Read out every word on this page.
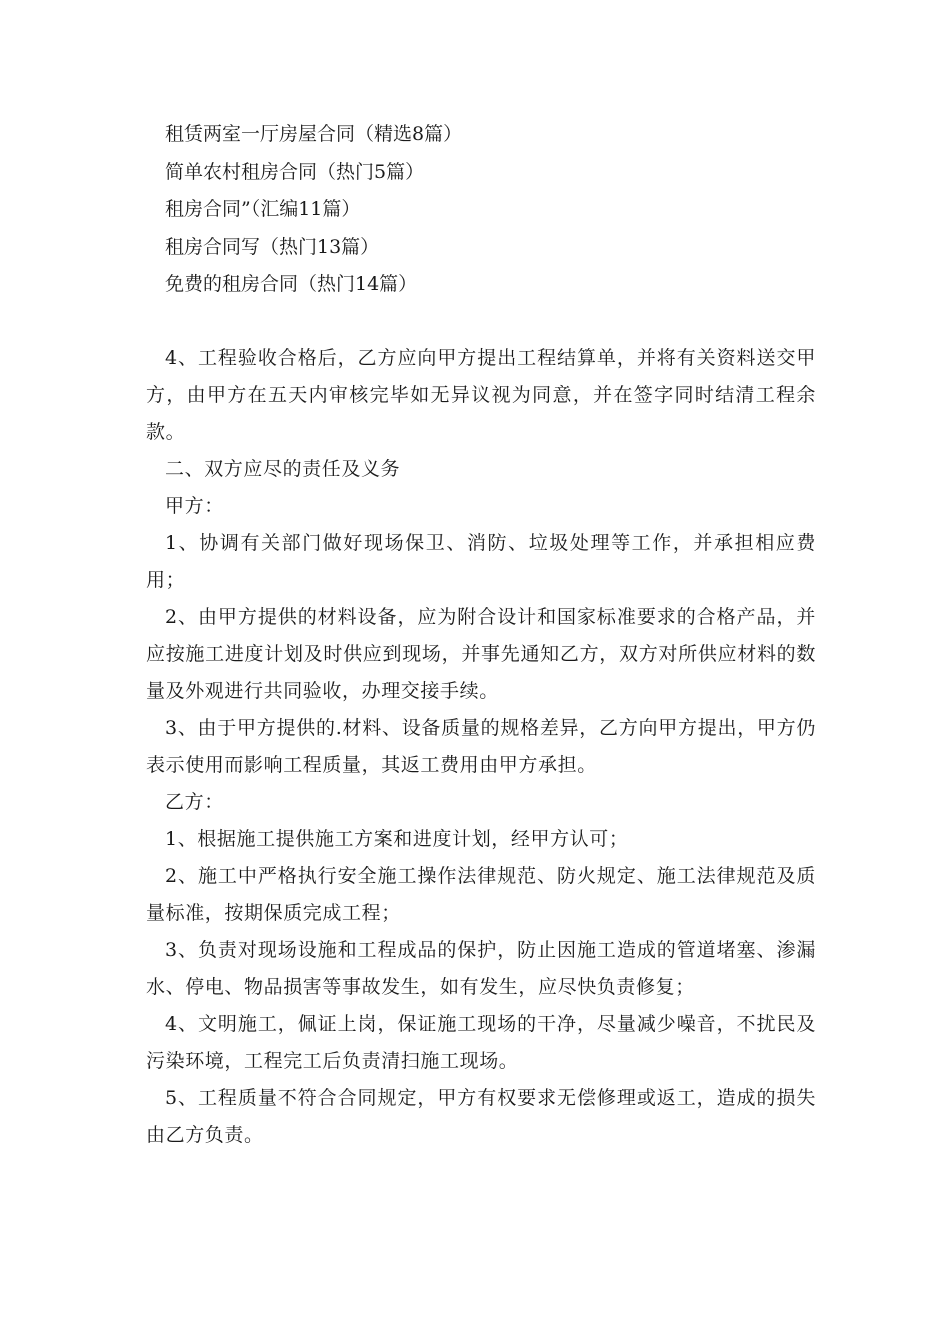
租赁两室一厅房屋合同（精选8篇）
简单农村租房合同（热门5篇）
租房合同”（汇编11篇）
租房合同写（热门13篇）
免费的租房合同（热门14篇）

4、工程验收合格后，乙方应向甲方提出工程结算单，并将有关资料送交甲方，由甲方在五天内审核完毕如无异议视为同意，并在签字同时结清工程余款。

二、双方应尽的责任及义务

甲方：

1、协调有关部门做好现场保卫、消防、垃圾处理等工作，并承担相应费用；

2、由甲方提供的材料设备，应为附合设计和国家标准要求的合格产品，并应按施工进度计划及时供应到现场，并事先通知乙方，双方对所供应材料的数量及外观进行共同验收，办理交接手续。

3、由于甲方提供的.材料、设备质量的规格差异，乙方向甲方提出，甲方仍表示使用而影响工程质量，其返工费用由甲方承担。

乙方：

1、根据施工提供施工方案和进度计划，经甲方认可；

2、施工中严格执行安全施工操作法律规范、防火规定、施工法律规范及质量标准，按期保质完成工程；

3、负责对现场设施和工程成品的保护，防止因施工造成的管道堵塞、渗漏水、停电、物品损害等事故发生，如有发生，应尽快负责修复；

4、文明施工，佩证上岗，保证施工现场的干净，尽量减少噪音，不扰民及污染环境，工程完工后负责清扫施工现场。

5、工程质量不符合合同规定，甲方有权要求无偿修理或返工，造成的损失由乙方负责。
